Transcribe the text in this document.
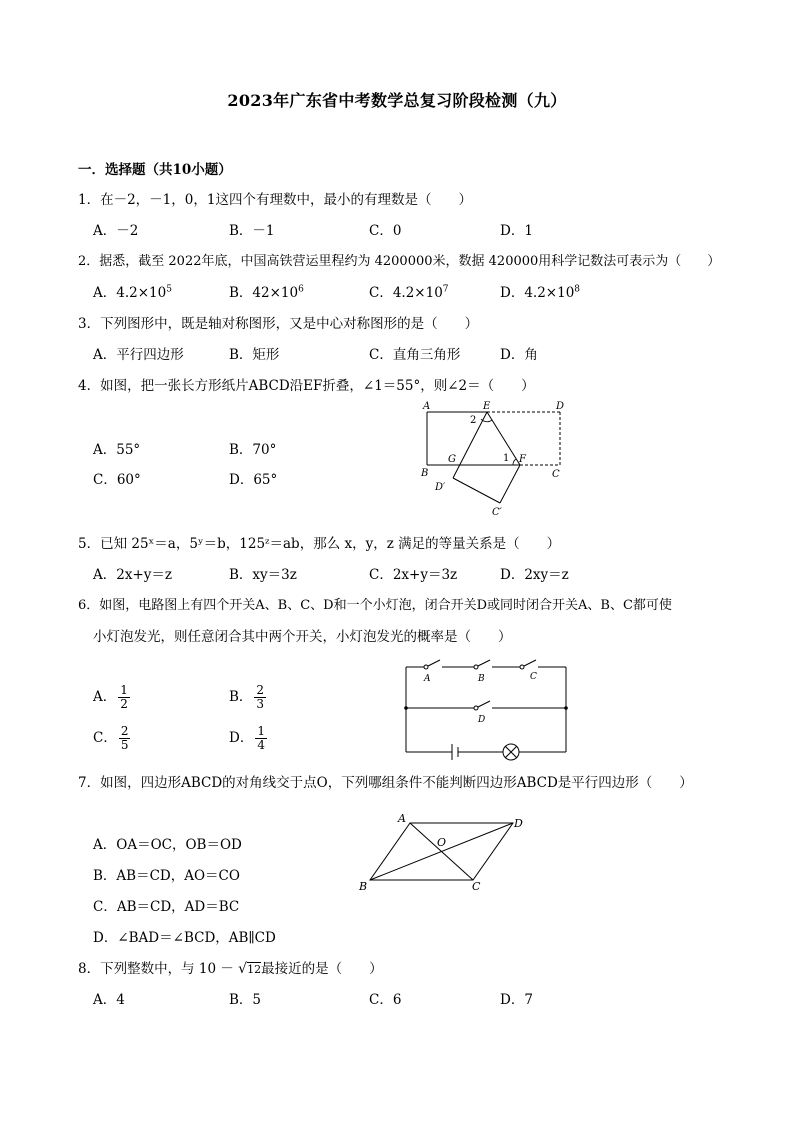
2023年广东省中考数学总复习阶段检测（九）
一．选择题（共10小题）
1．在－2，－1，0，1这四个有理数中，最小的有理数是（　　）
A．－2	B．－1	C．0	D．1
2．据悉，截至 2022年底，中国高铁营运里程约为 4200000米，数据 420000用科学记数法可表示为（　　）
A．$4.2\times 10^5$	B．$42\times 10^6$	C．$4.2\times 10^7$	D．$4.2\times 10^8$
3．下列图形中，既是轴对称图形，又是中心对称图形的是（　　）
A．平行四边形	B．矩形	C．直角三角形	D．角
4．如图，把一张长方形纸片ABCD沿EF折叠，∠1＝55°，则∠2＝（　　）
A．55°	B．70°
C．60°	D．65°
A	E	D
2
G	1 F
B	C
D′
C′
5．已知 25ˣ＝a，5ʸ＝b，125ᶻ＝ab，那么 x，y，z 满足的等量关系是（　　）
A．2x+y＝z	B．xy＝3z	C．2x+y＝3z	D．2xy＝z
6．如图，电路图上有四个开关A、B、C、D和一个小灯泡，闭合开关D或同时闭合开关A、B、C都可使
小灯泡发光，则任意闭合其中两个开关，小灯泡发光的概率是（　　）
A． $\frac{1}{2}$	B． $\frac{2}{3}$
C． $\frac{2}{5}$	D． $\frac{1}{4}$
A	B	C
D
7．如图，四边形ABCD的对角线交于点O，下列哪组条件不能判断四边形ABCD是平行四边形（　　）
A．OA＝OC，OB＝OD
B．AB＝CD，AO＝CO
C．AB＝CD，AD＝BC
D．∠BAD＝∠BCD，AB∥CD
A	D
O
B	C
8．下列整数中，与 10 － √12最接近的是（　　）
A．4	B．5	C．6	D．7
